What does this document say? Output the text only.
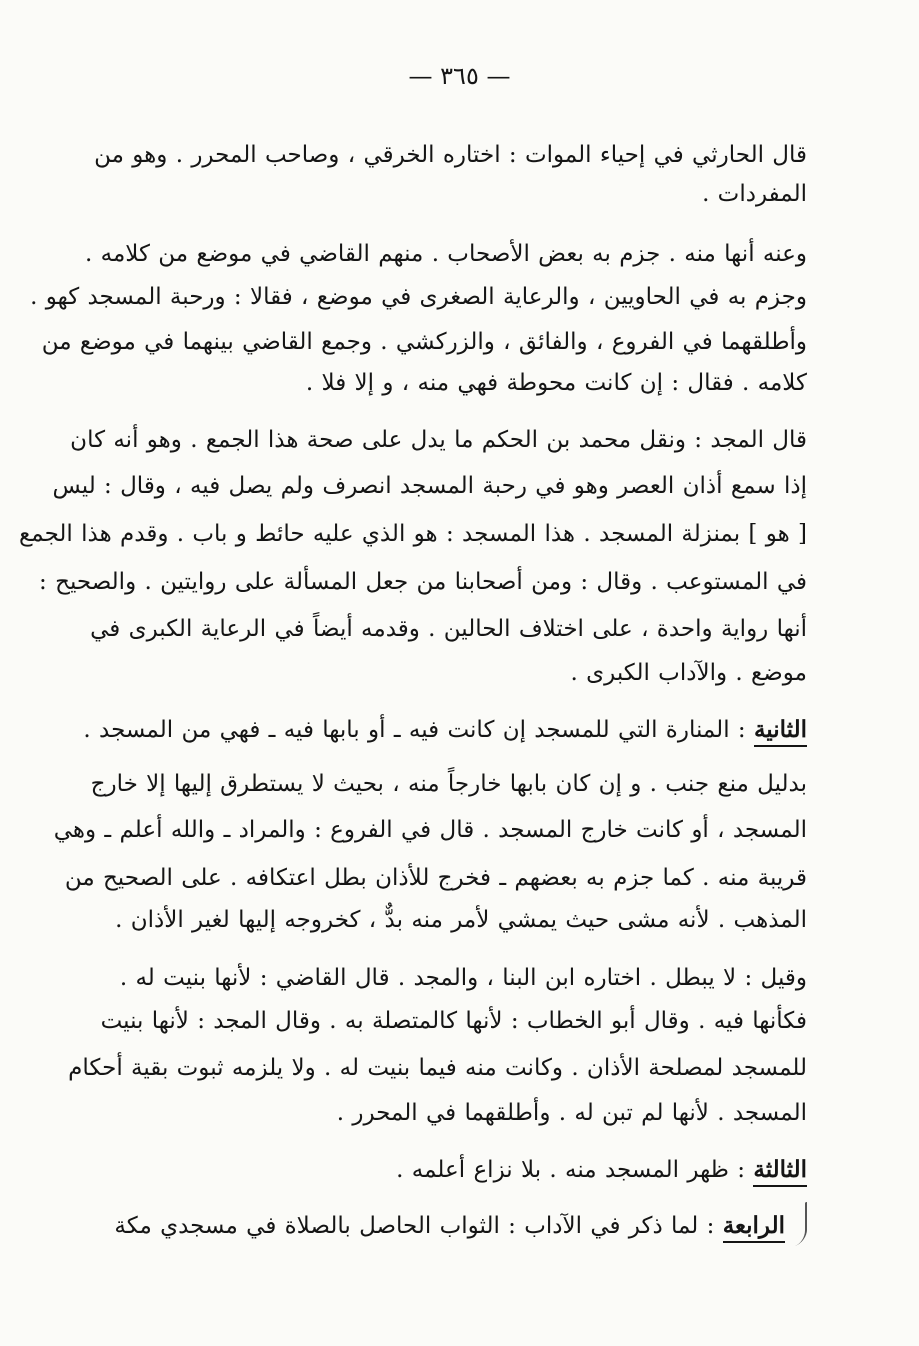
— ٣٦٥ —
قال الحارثي في إحياء الموات : اختاره الخرقي ، وصاحب المحرر . وهو من
المفردات .
وعنه أنها منه . جزم به بعض الأصحاب . منهم القاضي في موضع من كلامه .
وجزم به في الحاويين ، والرعاية الصغرى في موضع ، فقالا : ورحبة المسجد كهو .
وأطلقهما في الفروع ، والفائق ، والزركشي . وجمع القاضي بينهما في موضع من
كلامه . فقال : إن كانت محوطة فهي منه ، و إلا فلا .
قال المجد : ونقل محمد بن الحكم ما يدل على صحة هذا الجمع . وهو أنه كان
إذا سمع أذان العصر وهو في رحبة المسجد انصرف ولم يصل فيه ، وقال : ليس
[ هو ] بمنزلة المسجد . هذا المسجد : هو الذي عليه حائط و باب . وقدم هذا الجمع
في المستوعب . وقال : ومن أصحابنا من جعل المسألة على روايتين . والصحيح :
أنها رواية واحدة ، على اختلاف الحالين . وقدمه أيضاً في الرعاية الكبرى في
موضع . والآداب الكبرى .
الثانية : المنارة التي للمسجد إن كانت فيه ـ أو بابها فيه ـ فهي من المسجد .
بدليل منع جنب . و إن كان بابها خارجاً منه ، بحيث لا يستطرق إليها إلا خارج
المسجد ، أو كانت خارج المسجد . قال في الفروع : والمراد ـ والله أعلم ـ وهي
قريبة منه . كما جزم به بعضهم ـ فخرج للأذان بطل اعتكافه . على الصحيح من
المذهب . لأنه مشى حيث يمشي لأمر منه بدٌّ ، كخروجه إليها لغير الأذان .
وقيل : لا يبطل . اختاره ابن البنا ، والمجد . قال القاضي : لأنها بنيت له .
فكأنها فيه . وقال أبو الخطاب : لأنها كالمتصلة به . وقال المجد : لأنها بنيت
للمسجد لمصلحة الأذان . وكانت منه فيما بنيت له . ولا يلزمه ثبوت بقية أحكام
المسجد . لأنها لم تبن له . وأطلقهما في المحرر .
الثالثة : ظهر المسجد منه . بلا نزاع أعلمه .
الرابعة : لما ذكر في الآداب : الثواب الحاصل بالصلاة في مسجدي مكة
